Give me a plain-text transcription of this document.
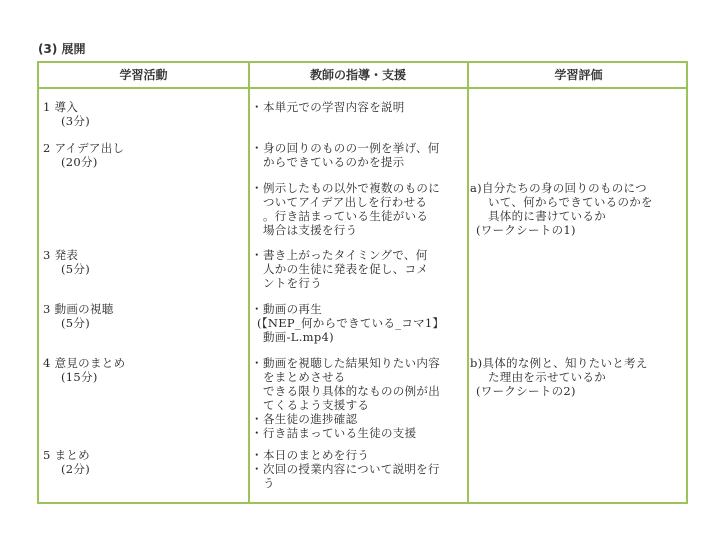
(3) 展開
学習活動	教師の指導・支援	学習評価
1 導入
(3分)
2 アイデア出し
(20分)
3 発表
(5分)
3 動画の視聴
(5分)
4 意見のまとめ
(15分)
5 まとめ
(2分)
・ 本単元での学習内容を説明
・ 身の回りのものの一例を挙げ、何
からできているのかを提示
・ 例示したもの以外で複数のものに
ついてアイデア出しを行わせる
。行き詰まっている生徒がいる
場合は支援を行う
・ 書き上がったタイミングで、何
人かの生徒に発表を促し、コメ
ントを行う
・ 動画の再生
(【NEP_何からできている_コマ1】
動画-L.mp4)
・ 動画を視聴した結果知りたい内容
をまとめさせる
できる限り具体的なものの例が出
てくるよう支援する
・ 各生徒の進捗確認
・ 行き詰まっている生徒の支援
・ 本日のまとめを行う
・ 次回の授業内容について説明を行
う
a)自分たちの身の回りのものにつ
いて、何からできているのかを
具体的に書けているか
(ワークシートの1)
b)具体的な例と、知りたいと考え
た理由を示せているか
(ワークシートの2)
